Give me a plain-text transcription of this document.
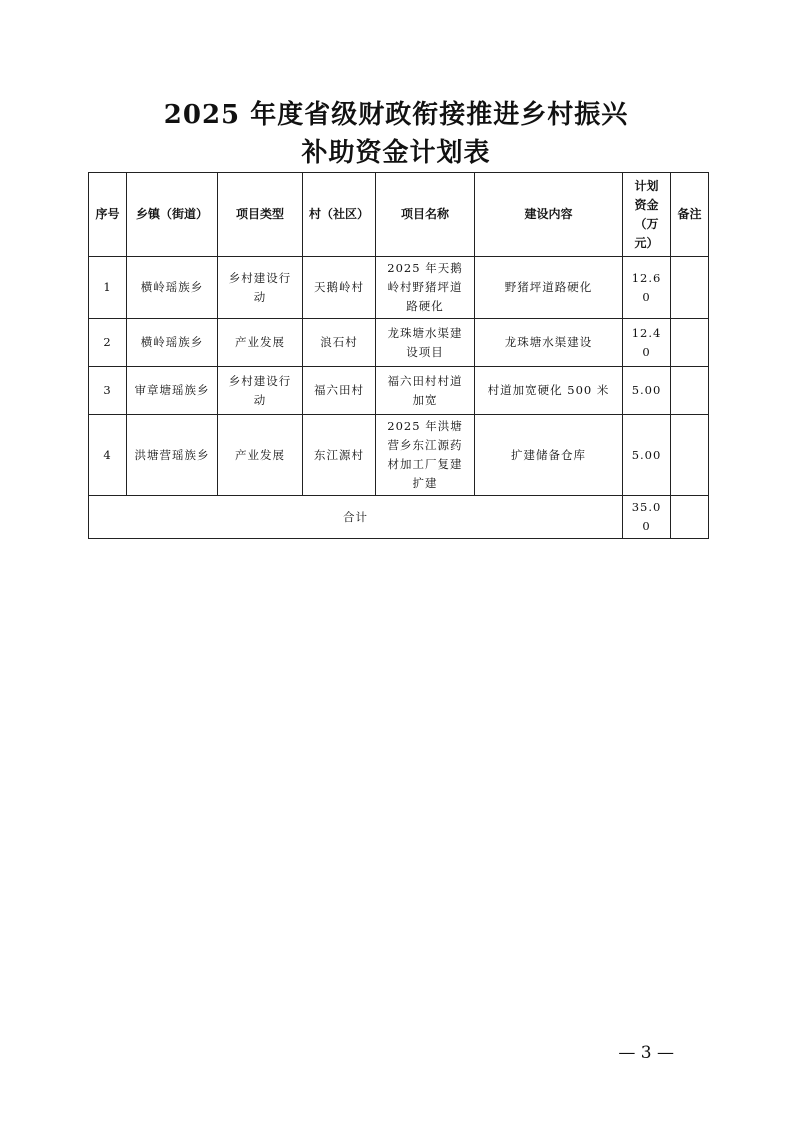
2025 年度省级财政衔接推进乡村振兴
补助资金计划表
序号	乡镇（街道）	项目类型	村（社区）	项目名称	建设内容	计划资金（万元）	备注
1	横岭瑶族乡	乡村建设行动	天鹅岭村	2025 年天鹅岭村野猪坪道路硬化	野猪坪道路硬化	12.60	
2	横岭瑶族乡	产业发展	浪石村	龙珠塘水渠建设项目	龙珠塘水渠建设	12.40	
3	审章塘瑶族乡	乡村建设行动	福六田村	福六田村村道加宽	村道加宽硬化 500 米	5.00	
4	洪塘营瑶族乡	产业发展	东江源村	2025 年洪塘营乡东江源药材加工厂复建扩建	扩建储备仓库	5.00	
合计						35.00	
— 3 —
